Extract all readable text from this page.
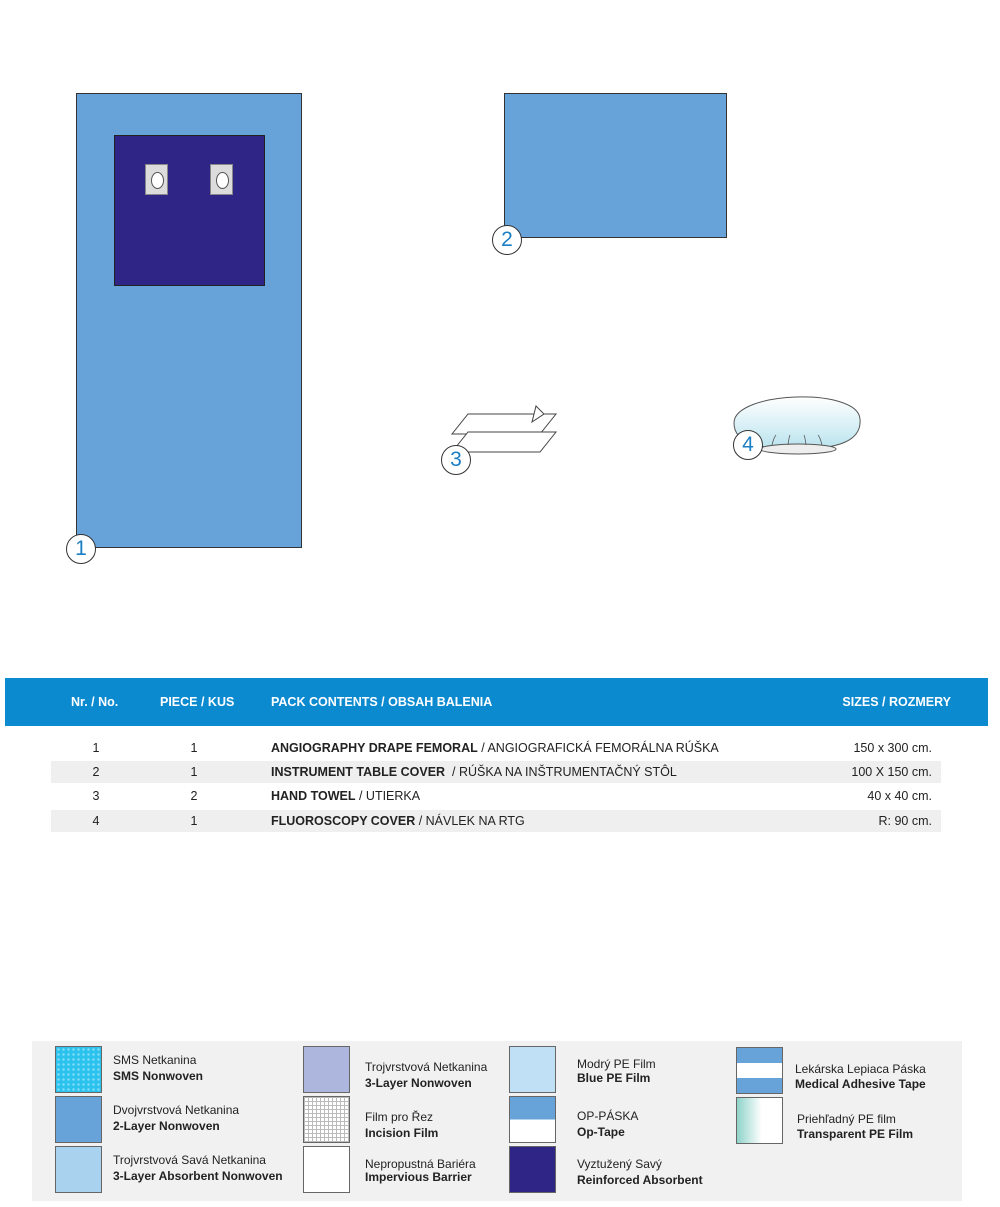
1
2
3
4
Nr. / No.	PIECE / KUS	PACK CONTENTS / OBSAH BALENIA	SIZES / ROZMERY
1	1	ANGIOGRAPHY DRAPE FEMORAL / ANGIOGRAFICKÁ FEMORÁLNA RÚŠKA	150 x 300 cm.
2	1	INSTRUMENT TABLE COVER  / RÚŠKA NA INŠTRUMENTAČNÝ STÔL	100 X 150 cm.
3	2	HAND TOWEL / UTIERKA	40 x 40 cm.
4	1	FLUOROSCOPY COVER / NÁVLEK NA RTG	R: 90 cm.
SMS Netkanina
SMS Nonwoven
Dvojvrstvová Netkanina
2-Layer Nonwoven
Trojvrstvová Savá Netkanina
3-Layer Absorbent Nonwoven
Trojvrstvová Netkanina
3-Layer Nonwoven
Film pro Řez
Incision Film
Nepropustná Bariéra
Impervious Barrier
Modrý PE Film
Blue PE Film
OP-PÁSKA
Op-Tape
Vyztužený Savý
Reinforced Absorbent
Lekárska Lepiaca Páska
Medical Adhesive Tape
Priehľadný PE film
Transparent PE Film
